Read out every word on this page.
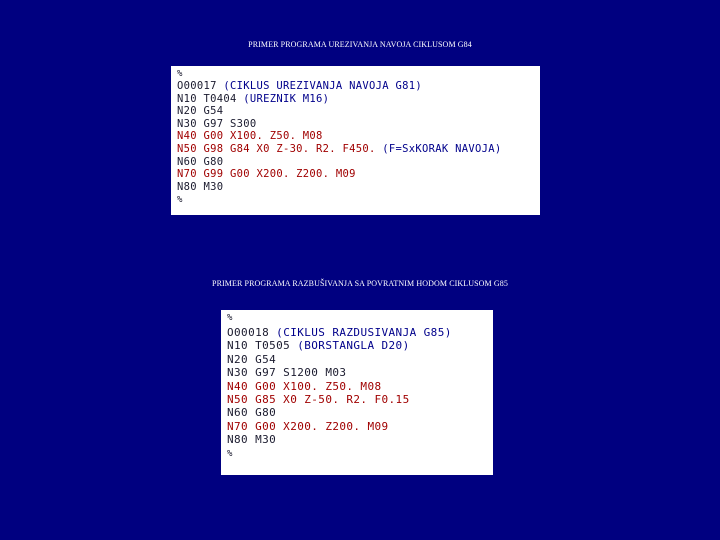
PRIMER PROGRAMA UREZIVANJA NAVOJA CIKLUSOM G84
%
O00017 (CIKLUS UREZIVANJA NAVOJA G81)
N10 T0404 (UREZNIK M16)
N20 G54
N30 G97 S300
N40 G00 X100. Z50. M08
N50 G98 G84 X0 Z-30. R2. F450. (F=SxKORAK NAVOJA)
N60 G80
N70 G99 G00 X200. Z200. M09
N80 M30
%
PRIMER PROGRAMA RAZBUŠIVANJA SA POVRATNIM HODOM CIKLUSOM G85
%
O00018 (CIKLUS RAZDUSIVANJA G85)
N10 T0505 (BORSTANGLA D20)
N20 G54
N30 G97 S1200 M03
N40 G00 X100. Z50. M08
N50 G85 X0 Z-50. R2. F0.15
N60 G80
N70 G00 X200. Z200. M09
N80 M30
%
